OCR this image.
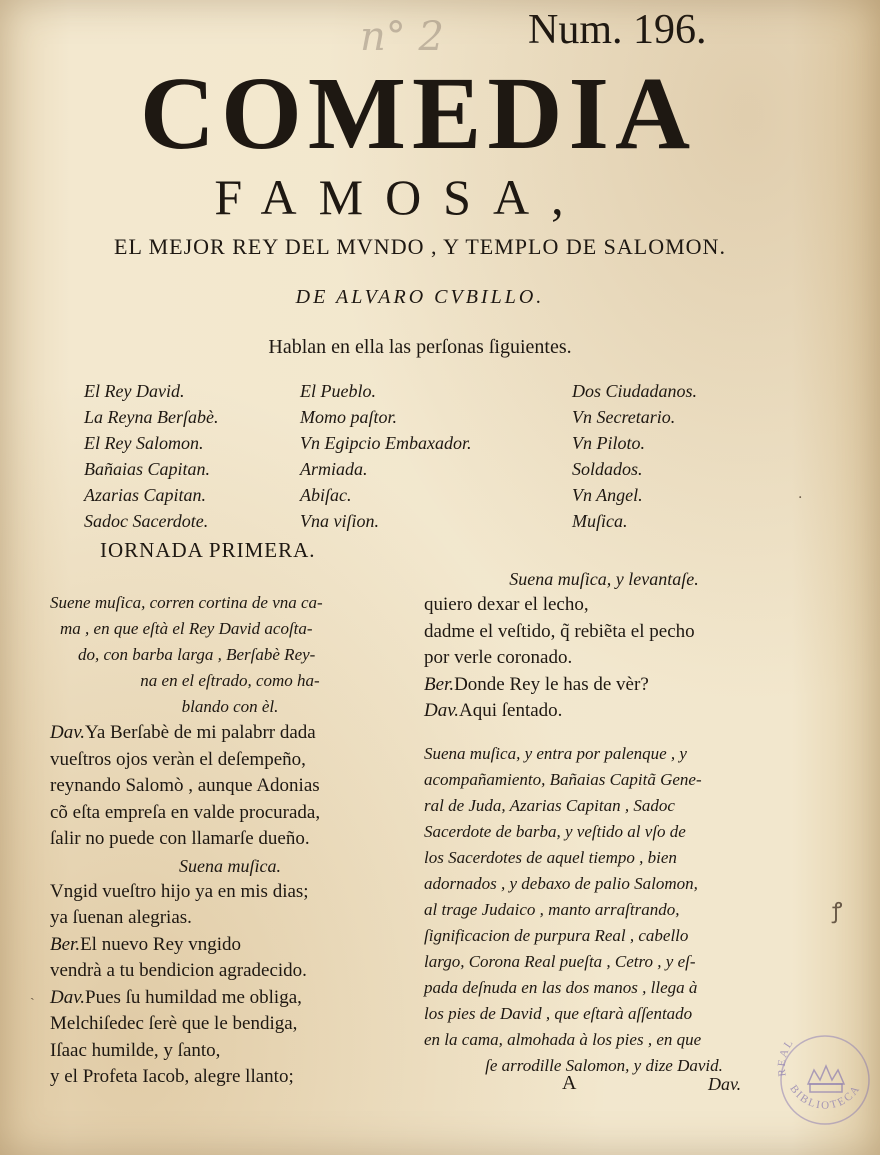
n° 2 Num. 196.
COMEDIA
FAMOSA,
EL MEJOR REY DEL MVNDO , Y TEMPLO DE SALOMON.
DE ALVARO CVBILLO.
Hablan en ella las perſonas ſiguientes.
El Rey David.
La Reyna Berſabè.
El Rey Salomon.
Bañaias Capitan.
Azarias Capitan.
Sadoc Sacerdote.
El Pueblo.
Momo paſtor.
Vn Egipcio Embaxador.
Armiada.
Abiſac.
Vna viſion.
Dos Ciudadanos.
Vn Secretario.
Vn Piloto.
Soldados.
Vn Angel.
Muſica.
IORNADA PRIMERA.
Suene muſica, corren cortina de vna ca-
ma , en que eſtà el Rey David acoſta-
do, con barba larga , Berſabè Rey-
na en el eſtrado, como ha-
blando con èl.
Dav.Ya Berſabè de mi palabrr dada
vueſtros ojos veràn el deſempeño,
reynando Salomò , aunque Adonias
cõ eſta empreſa en valde procurada,
ſalir no puede con llamarſe dueño.
Suena muſica.
Vngid vueſtro hijo ya en mis dias;
ya ſuenan alegrias.
Ber.El nuevo Rey vngido
vendrà a tu bendicion agradecido.
Dav.Pues ſu humildad me obliga,
Melchiſedec ſerè que le bendiga,
Iſaac humilde, y ſanto,
y el Profeta Iacob, alegre llanto;
Suena muſica, y levantaſe.
quiero dexar el lecho,
dadme el veſtido, q̃ rebiẽta el pecho
por verle coronado.
Ber.Donde Rey le has de vèr?
Dav.Aqui ſentado.
Suena muſica, y entra por palenque , y
acompañamiento, Bañaias Capitã Gene-
ral de Juda, Azarias Capitan , Sadoc
Sacerdote de barba, y veſtido al vſo de
los Sacerdotes de aquel tiempo , bien
adornados , y debaxo de palio Salomon,
al trage Judaico , manto arraſtrando,
ſignificacion de purpura Real , cabello
largo, Corona Real pueſta , Cetro , y eſ-
pada deſnuda en las dos manos , llega à
los pies de David , que eſtarà aſſentado
en la cama, almohada à los pies , en que
ſe arrodille Salomon, y dize David.
A	Dav.
ꝭ
·
ˎ
REAL
BIBLIOTECA
